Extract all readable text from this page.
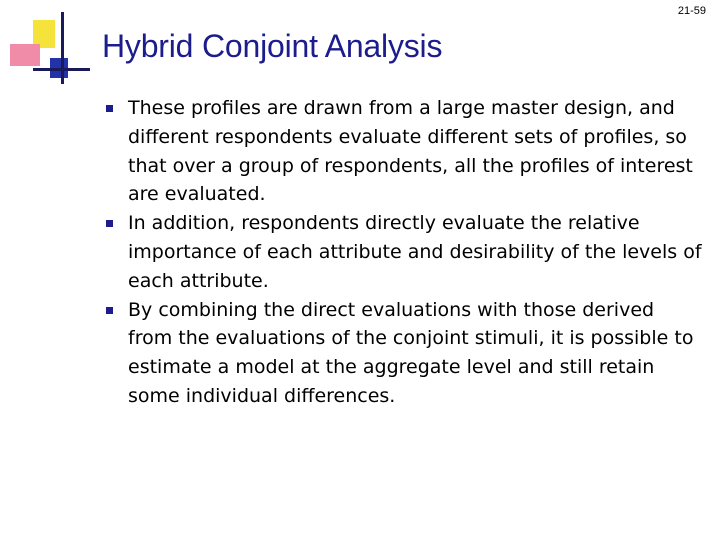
21-59
Hybrid Conjoint Analysis
These profiles are drawn from a large master design, and different respondents evaluate different sets of profiles, so that over a group of respondents, all the profiles of interest are evaluated.
In addition, respondents directly evaluate the relative importance of each attribute and desirability of the levels of each attribute.
By combining the direct evaluations with those derived from the evaluations of the conjoint stimuli, it is possible to estimate a model at the aggregate level and still retain some individual differences.
